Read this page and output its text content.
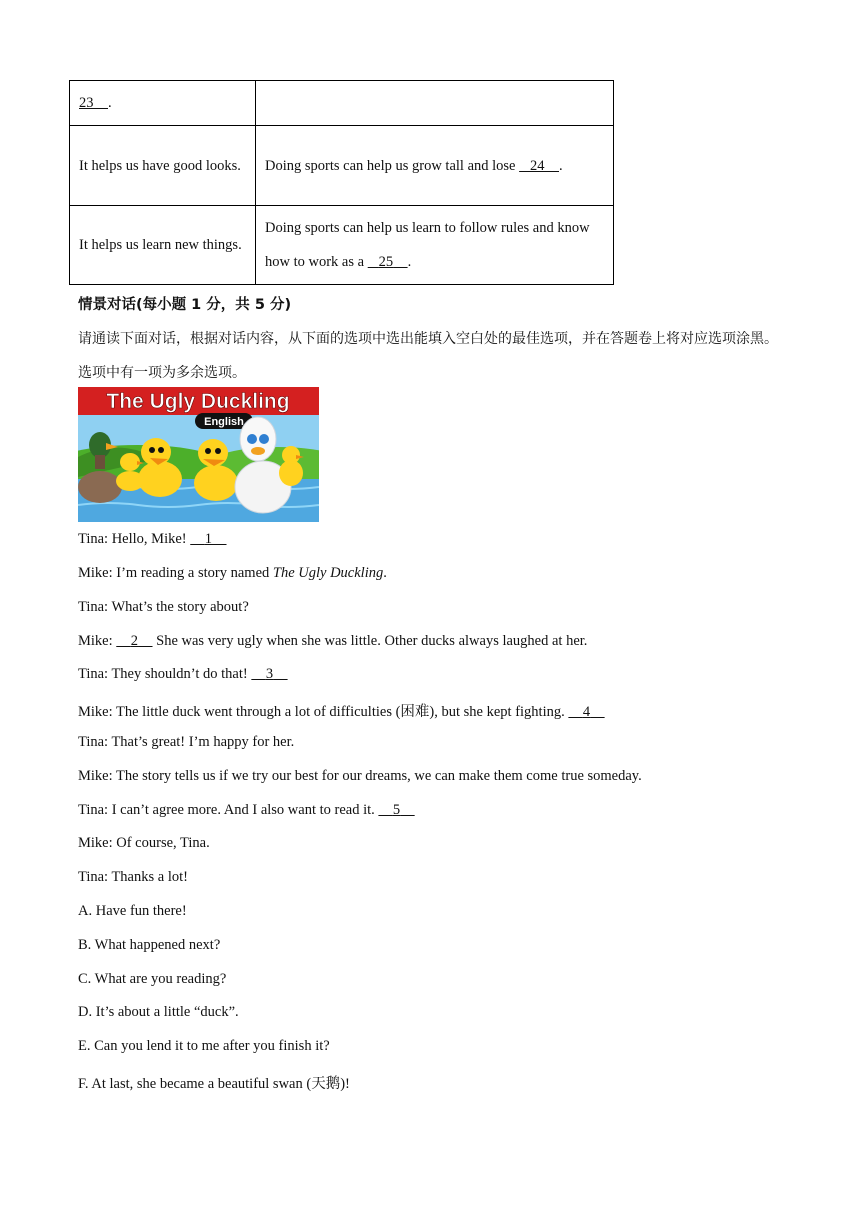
23 .	
It helps us have good looks.	Doing sports can help us grow tall and lose    24 .
It helps us learn new things.	Doing sports can help us learn to follow rules and know how to work as a    25 .
情景对话(每小题 1 分，共 5 分)
请通读下面对话，根据对话内容，从下面的选项中选出能填入空白处的最佳选项，并在答题卷上将对应选项涂黑。选项中有一项为多余选项。
The Ugly Duckling
English
Tina: Hello, Mike!     1
Mike: I’m reading a story named The Ugly Duckling.
Tina: What’s the story about?
Mike:     2     She was very ugly when she was little. Other ducks always laughed at her.
Tina: They shouldn’t do that!     3
Mike: The little duck went through a lot of difficulties (困难), but she kept fighting.     4
Tina: That’s great! I’m happy for her.
Mike: The story tells us if we try our best for our dreams, we can make them come true someday.
Tina: I can’t agree more. And I also want to read it.     5
Mike: Of course, Tina.
Tina: Thanks a lot!
A. Have fun there!
B. What happened next?
C. What are you reading?
D. It’s about a little “duck”.
E. Can you lend it to me after you finish it?
F. At last, she became a beautiful swan (天鹅)!
